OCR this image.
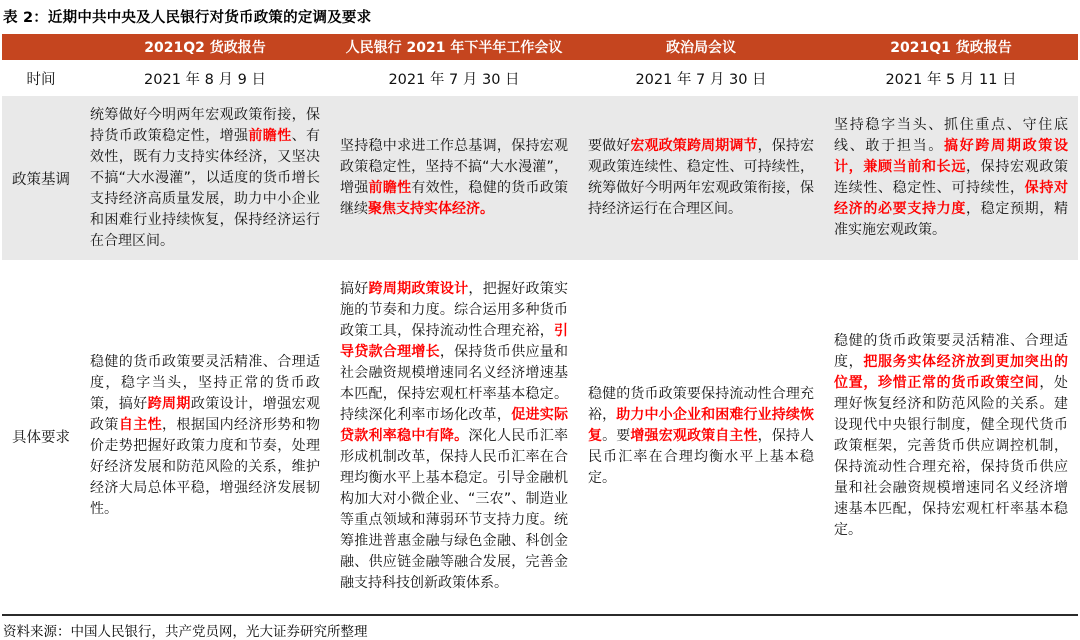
表 2：近期中共中央及人民银行对货币政策的定调及要求
	2021Q2 货政报告	人民银行 2021 年下半年工作会议	政治局会议	2021Q1 货政报告
时间	2021 年 8 月 9 日	2021 年 7 月 30 日	2021 年 7 月 30 日	2021 年 5 月 11 日
政策基调	统筹做好今明两年宏观政策衔接，保持货币政策稳定性，增强前瞻性、有效性，既有力支持实体经济，又坚决不搞“大水漫灌”，以适度的货币增长支持经济高质量发展，助力中小企业和困难行业持续恢复，保持经济运行在合理区间。	坚持稳中求进工作总基调，保持宏观政策稳定性，坚持不搞“大水漫灌”，增强前瞻性有效性，稳健的货币政策继续聚焦支持实体经济。	要做好宏观政策跨周期调节，保持宏观政策连续性、稳定性、可持续性，统筹做好今明两年宏观政策衔接，保持经济运行在合理区间。	坚持稳字当头、抓住重点、守住底线、敢于担当。搞好跨周期政策设计，兼顾当前和长远，保持宏观政策连续性、稳定性、可持续性，保持对经济的必要支持力度，稳定预期，精准实施宏观政策。
具体要求	稳健的货币政策要灵活精准、合理适度，稳字当头，坚持正常的货币政策，搞好跨周期政策设计，增强宏观政策自主性，根据国内经济形势和物价走势把握好政策力度和节奏，处理好经济发展和防范风险的关系，维护经济大局总体平稳，增强经济发展韧性。	搞好跨周期政策设计，把握好政策实施的节奏和力度。综合运用多种货币政策工具，保持流动性合理充裕，引导贷款合理增长，保持货币供应量和社会融资规模增速同名义经济增速基本匹配，保持宏观杠杆率基本稳定。持续深化利率市场化改革，促进实际贷款利率稳中有降。深化人民币汇率形成机制改革，保持人民币汇率在合理均衡水平上基本稳定。引导金融机构加大对小微企业、“三农”、制造业等重点领域和薄弱环节支持力度。统筹推进普惠金融与绿色金融、科创金融、供应链金融等融合发展，完善金融支持科技创新政策体系。	稳健的货币政策要保持流动性合理充裕，助力中小企业和困难行业持续恢复。要增强宏观政策自主性，保持人民币汇率在合理均衡水平上基本稳定。	稳健的货币政策要灵活精准、合理适度，把服务实体经济放到更加突出的位置，珍惜正常的货币政策空间，处理好恢复经济和防范风险的关系。建设现代中央银行制度，健全现代货币政策框架，完善货币供应调控机制，保持流动性合理充裕，保持货币供应量和社会融资规模增速同名义经济增速基本匹配，保持宏观杠杆率基本稳定。
资料来源：中国人民银行，共产党员网，光大证券研究所整理
